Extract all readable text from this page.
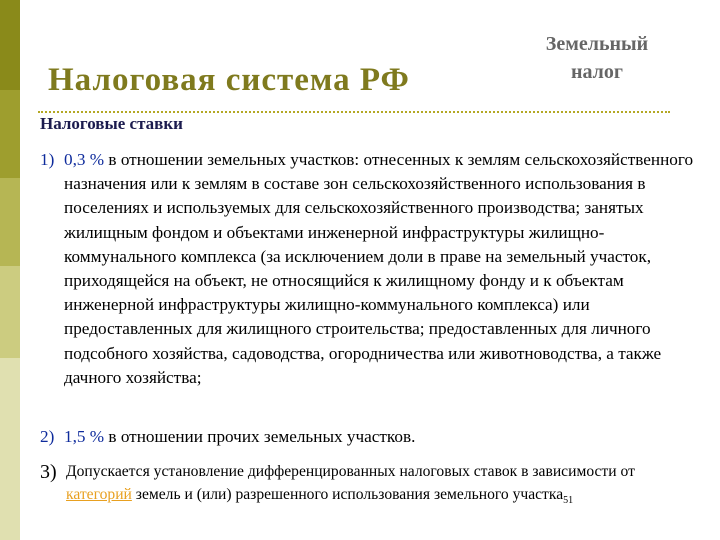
Налоговая система РФ
Земельный
налог
Налоговые ставки
1) 0,3 % в отношении земельных участков: отнесенных к землям сельскохозяйственного назначения или к землям в составе зон сельскохозяйственного использования в поселениях и используемых для сельскохозяйственного производства; занятых жилищным фондом и объектами инженерной инфраструктуры жилищно-коммунального комплекса (за исключением доли в праве на земельный участок, приходящейся на объект, не относящийся к жилищному фонду и к объектам инженерной инфраструктуры жилищно-коммунального комплекса) или предоставленных для жилищного строительства; предоставленных для личного подсобного хозяйства, садоводства, огородничества или животноводства, а также дачного хозяйства;
2) 1,5 % в отношении прочих земельных участков.
3) Допускается установление дифференцированных налоговых ставок в зависимости от категорий земель и (или) разрешенного использования земельного участка$_{51}$
